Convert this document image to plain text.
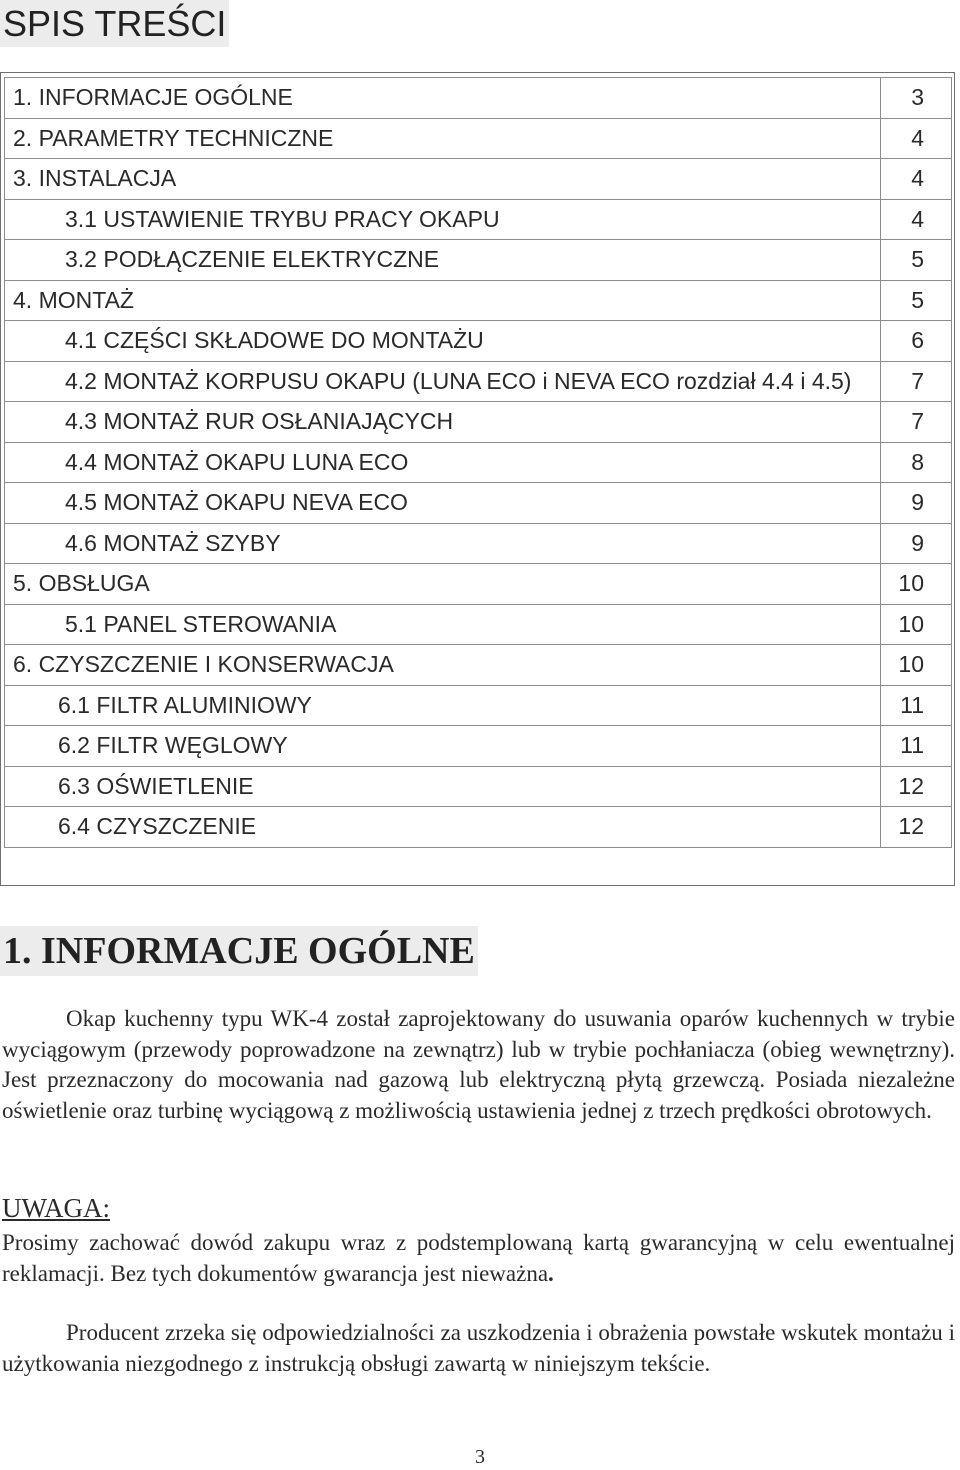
SPIS TREŚCI
1. INFORMACJE OGÓLNE	3
2. PARAMETRY TECHNICZNE	4
3. INSTALACJA	4
3.1 USTAWIENIE TRYBU PRACY OKAPU	4
3.2 PODŁĄCZENIE ELEKTRYCZNE	5
4. MONTAŻ	5
4.1 CZĘŚCI SKŁADOWE DO MONTAŻU	6
4.2 MONTAŻ KORPUSU OKAPU (LUNA ECO i NEVA ECO rozdział 4.4 i 4.5)	7
4.3 MONTAŻ RUR OSŁANIAJĄCYCH	7
4.4 MONTAŻ OKAPU LUNA ECO	8
4.5 MONTAŻ OKAPU NEVA ECO	9
4.6 MONTAŻ SZYBY	9
5. OBSŁUGA	10
5.1 PANEL STEROWANIA	10
6. CZYSZCZENIE I KONSERWACJA	10
6.1 FILTR ALUMINIOWY	11
6.2 FILTR WĘGLOWY	11
6.3 OŚWIETLENIE	12
6.4 CZYSZCZENIE	12
1. INFORMACJE OGÓLNE

Okap kuchenny typu WK-4 został zaprojektowany do usuwania oparów kuchennych w trybie wyciągowym (przewody poprowadzone na zewnątrz) lub w trybie pochłaniacza (obieg wewnętrzny). Jest przeznaczony do mocowania nad gazową lub elektryczną płytą grzewczą. Posiada niezależne oświetlenie oraz turbinę wyciągową z możliwością ustawienia jednej z trzech prędkości obrotowych.

UWAGA:

Prosimy zachować dowód zakupu wraz z podstemplowaną kartą gwarancyjną w celu ewentualnej reklamacji. Bez tych dokumentów gwarancja jest nieważna.

Producent zrzeka się odpowiedzialności za uszkodzenia i obrażenia powstałe wskutek montażu i użytkowania niezgodnego z instrukcją obsługi zawartą w niniejszym tekście.

3
